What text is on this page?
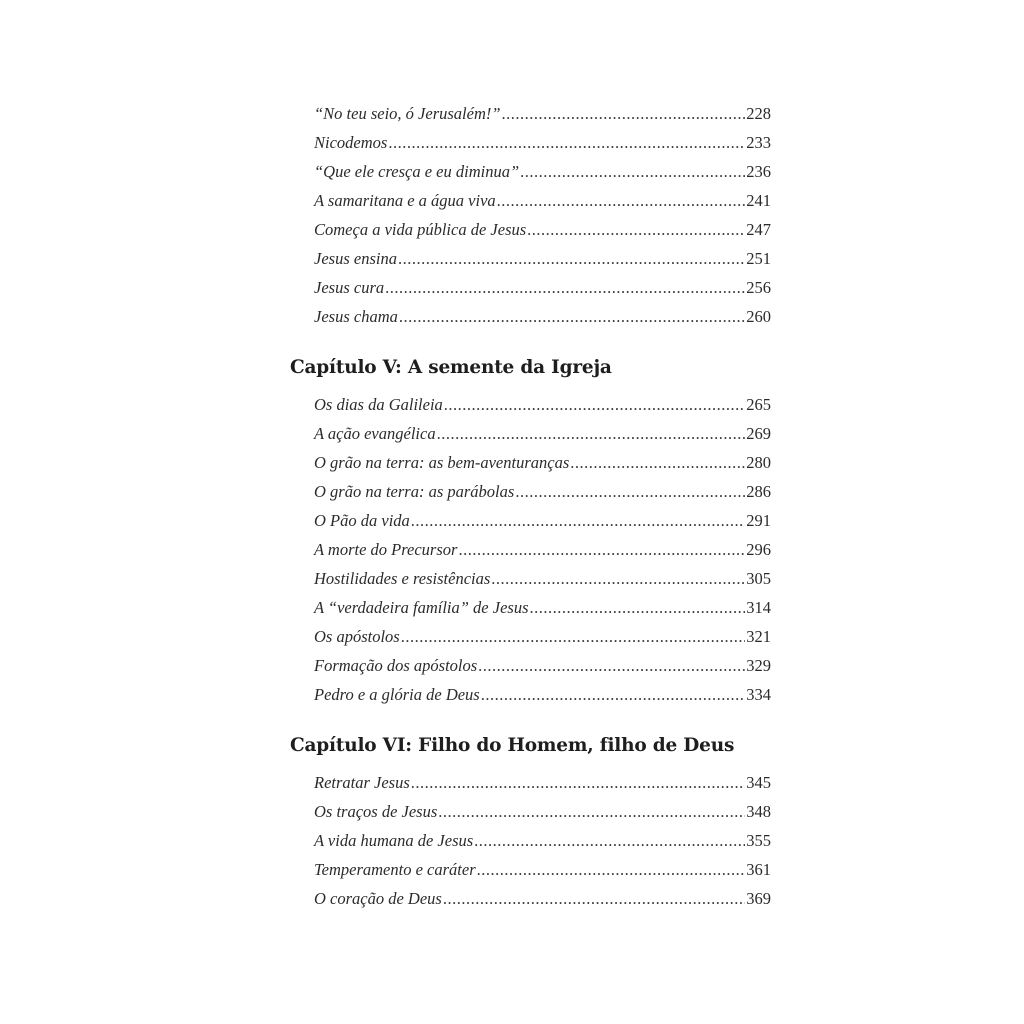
“No teu seio, ó Jerusalém!” .....	228
Nicodemos .....	233
“Que ele cresça e eu diminua” .....	236
A samaritana e a água viva .....	241
Começa a vida pública de Jesus .....	247
Jesus ensina .....	251
Jesus cura .....	256
Jesus chama .....	260
Capítulo V: A semente da Igreja
Os dias da Galileia .....	265
A ação evangélica .....	269
O grão na terra: as bem-aventuranças .....	280
O grão na terra: as parábolas .....	286
O Pão da vida .....	291
A morte do Precursor .....	296
Hostilidades e resistências .....	305
A “verdadeira família” de Jesus .....	314
Os apóstolos .....	321
Formação dos apóstolos .....	329
Pedro e a glória de Deus .....	334
Capítulo VI: Filho do Homem, filho de Deus
Retratar Jesus .....	345
Os traços de Jesus .....	348
A vida humana de Jesus .....	355
Temperamento e caráter .....	361
O coração de Deus .....	369
